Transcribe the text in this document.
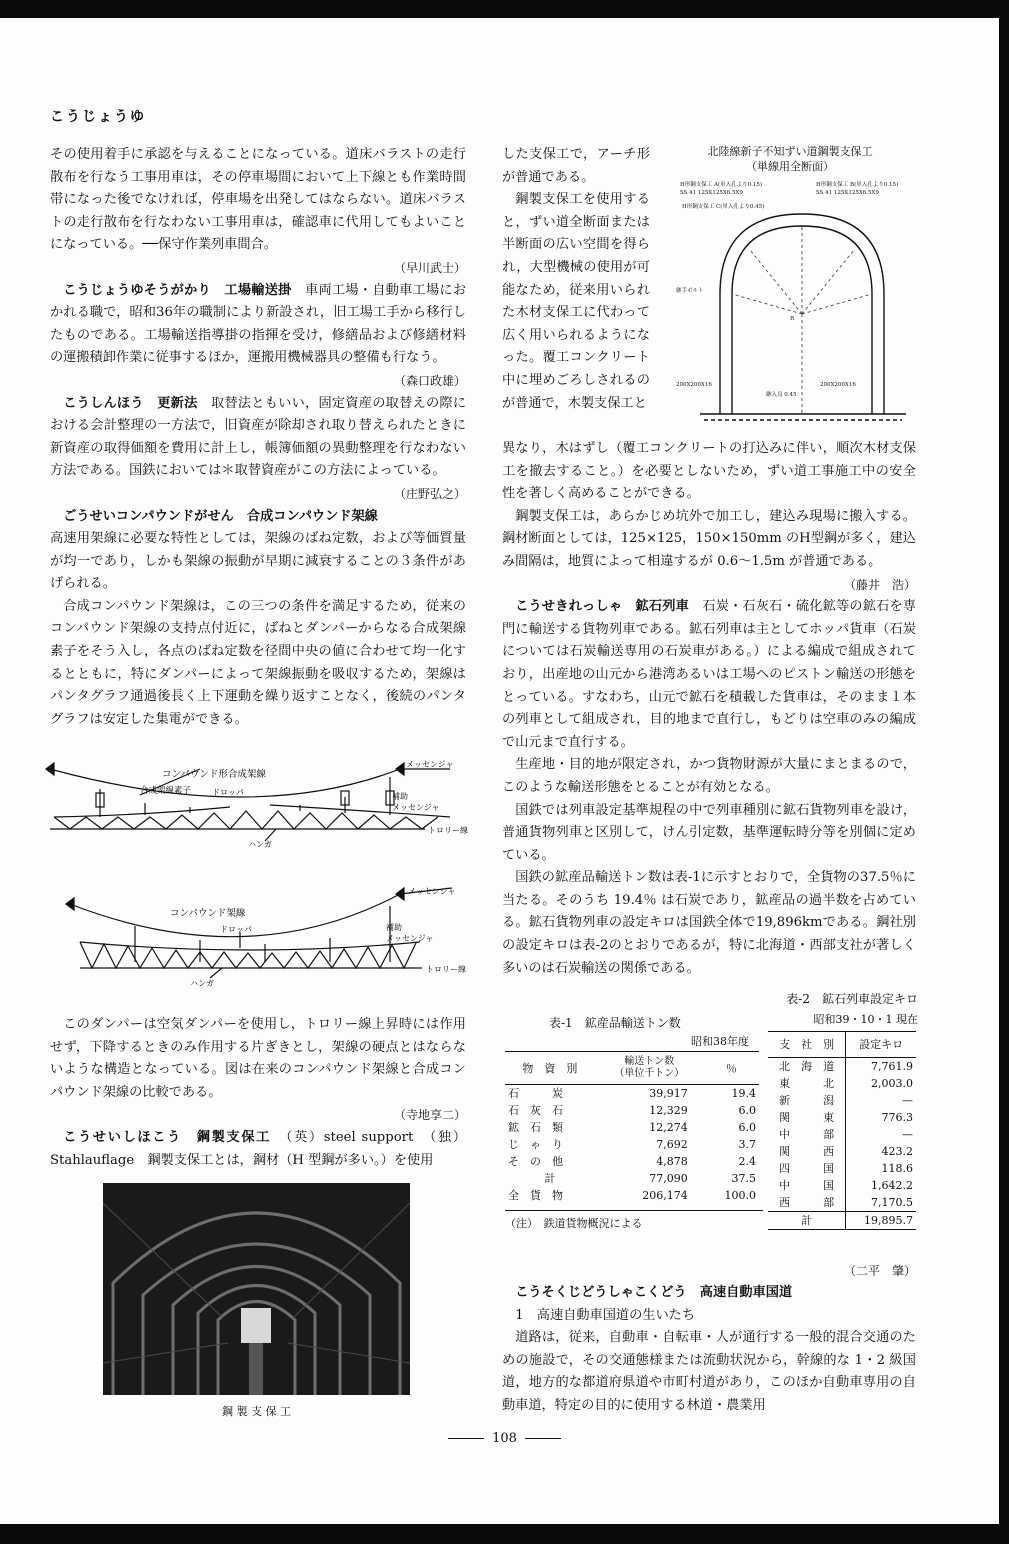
こうじょうゆ

その使用着手に承認を与えることになっている。道床バラストの走行散布を行なう工事用車は，その停車場間において上下線とも作業時間帯になった後でなければ，停車場を出発してはならない。道床バラストの走行散布を行なわない工事用車は，確認車に代用してもよいことになっている。──保守作業列車間合。
（早川武士）

こうじょうゆそうがかり　工場輸送掛　 車両工場・自動車工場におかれる職で，昭和36年の職制により新設され，旧工場工手から移行したものである。工場輸送指導掛の指揮を受け，修繕品および修繕材料の運搬積卸作業に従事するほか，運搬用機械器具の整備も行なう。
（森口政雄）

こうしんほう　更新法　 取替法ともいい，固定資産の取替えの際における会計整理の一方法で，旧資産が除却され取り替えられたときに新資産の取得価額を費用に計上し，帳簿価額の異動整理を行なわない方法である。国鉄においては＊取替資産がこの方法によっている。
（庄野弘之）

ごうせいコンパウンドがせん　合成コンパウンド架線

高速用架線に必要な特性としては，架線のばね定数，および等価質量が均一であり，しかも架線の振動が早期に減衰することの３条件があげられる。

合成コンパウンド架線は，この三つの条件を満足するため，従来のコンパウンド架線の支持点付近に，ばねとダンパーからなる合成架線素子をそう入し，各点のばね定数を径間中央の値に合わせて均一化するとともに，特にダンパーによって架線振動を吸収するため，架線はパンタグラフ通過後長く上下運動を繰り返すことなく，後続のパンタグラフは安定した集電ができる。

コンパウンド形合成架線
合成架線素子	ドロッパ
メッセンジャ
補助
メッセンジャ
トロリー線
ハンガ
コンパウンド架線
ドロッパ
メッセンジャ
補助
メッセンジャ
トロリー線
ハンガ

このダンパーは空気ダンパーを使用し，トロリー線上昇時には作用せず，下降するときのみ作用する片ぎきとし，架線の硬点とはならないような構造となっている。図は在来のコンパウンド架線と合成コンパウンド架線の比較である。
（寺地享二）

こうせいしほこう　鋼製支保工　 （英）steel support　（独）Stahlauflage　鋼製支保工とは，鋼材（H 型鋼が多い。）を使用

鋼 製 支 保 工

した支保工で，アーチ形が普通である。

鋼製支保工を使用すると，ずい道全断面または半断面の広い空間を得られ，大型機械の使用が可能なため，従来用いられた木材支保工に代わって広く用いられるようになった。覆工コンクリート中に埋めごろしされるのが普通で，木製支保工と

北陸線新子不知ずい道鋼製支保工
（単線用全断面）
H形鋼支保工 A(単入孔より0.15)
SS 41 125X125X6.5X9
H形鋼支保工 B(単入孔より0.15)
SS 41 125X125X6.5X9
H形鋼支保工 C(単入孔より0.45)
継手ボルト
200X200X16	200X200X16
継入良 0.45
R

異なり，木はずし（覆工コンクリートの打込みに伴い，順次木材支保工を撤去すること。）を必要としないため，ずい道工事施工中の安全性を著しく高めることができる。

鋼製支保工は，あらかじめ坑外で加工し，建込み現場に搬入する。鋼材断面としては，125×125，150×150mm のH型鋼が多く，建込み間隔は，地質によって相違するが 0.6～1.5m が普通である。
（藤井　浩）

こうせきれっしゃ　鉱石列車　 石炭・石灰石・硫化鉱等の鉱石を専門に輸送する貨物列車である。鉱石列車は主としてホッパ貨車（石炭については石炭輸送専用の石炭車がある。）による編成で組成されており，出産地の山元から港湾あるいは工場へのピストン輸送の形態をとっている。すなわち，山元で鉱石を積載した貨車は，そのまま１本の列車として組成され，目的地まで直行し，もどりは空車のみの編成で山元まで直行する。

生産地・目的地が限定され，かつ貨物財源が大量にまとまるので，このような輸送形態をとることが有効となる。

国鉄では列車設定基準規程の中で列車種別に鉱石貨物列車を設け，普通貨物列車と区別して，けん引定数，基準運転時分等を別個に定めている。

国鉄の鉱産品輸送トン数は表-1に示すとおりで，全貨物の37.5％に当たる。そのうち 19.4％ は石炭であり，鉱産品の過半数を占めている。鉱石貨物列車の設定キロは国鉄全体で19,896kmである。鋼社別の設定キロは表-2のとおりであるが，特に北海道・西部支社が著しく多いのは石炭輸送の関係である。

表-2　鉱石列車設定キロ
昭和39・10・1 現在
支　社　別	設定キロ
北　海　道	7,761.9
東　　　北	2,003.0
新　　　潟	—
関　　　東	776.3
中　　　部	—
関　　　西	423.2
四　　　国	118.6
中　　　国	1,642.2
西　　　部	7,170.5
計	19,895.7
表-1　鉱産品輸送トン数
昭和38年度
物　資　別	輸送トン数
（単位千トン）	％
石　　　炭	39,917	19.4
石　灰　石	12,329	6.0
鉱　石　類	12,274	6.0
じ　ゃ　り	7,692	3.7
そ　の　他	4,878	2.4
計	77,090	37.5
全　貨　物	206,174	100.0
（注）　鉄道貨物概況による
（二平　肇）

こうそくじどうしゃこくどう　高速自動車国道

1　高速自動車国道の生いたち

道路は，従来，自動車・自転車・人が通行する一般的混合交通のための施設で，その交通態様または流動状況から，幹線的な 1・2 級国道，地方的な都道府県道や市町村道があり，このほか自動車専用の自動車道，特定の目的に使用する林道・農業用

108
